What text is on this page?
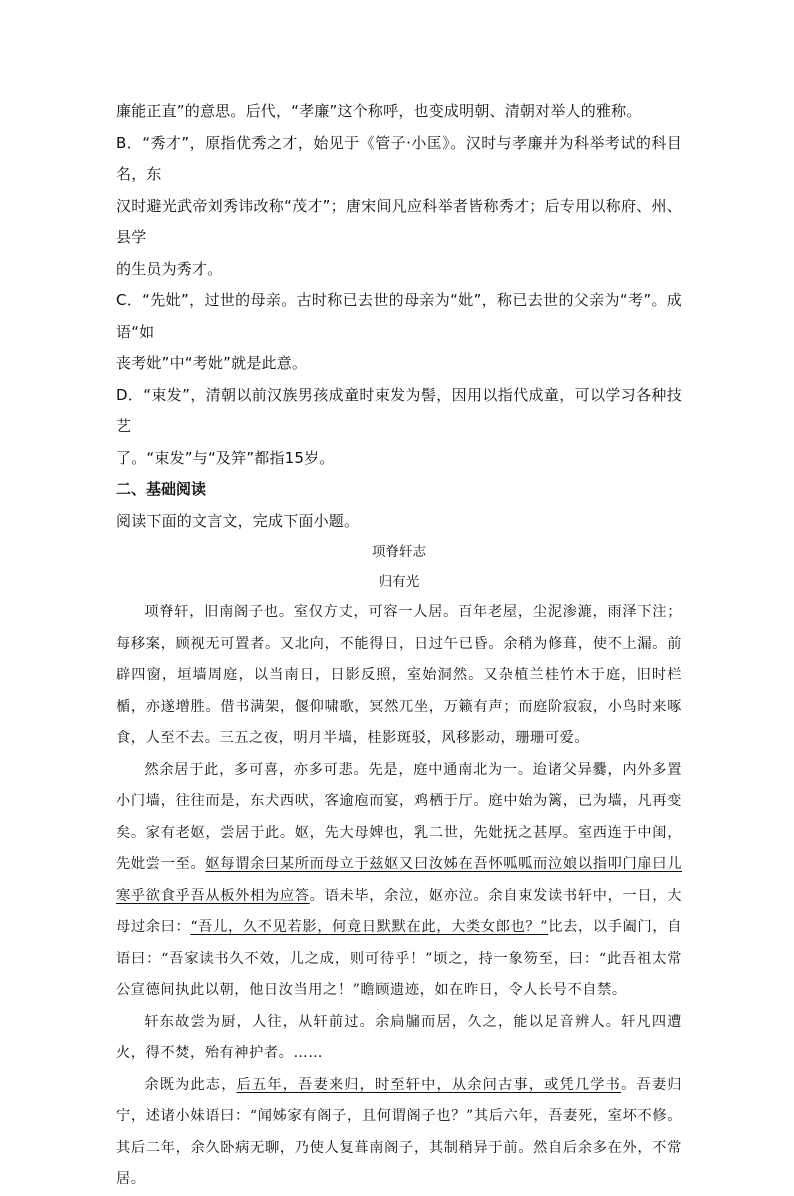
廉能正直”的意思。后代，“孝廉”这个称呼，也变成明朝、清朝对举人的雅称。

B．“秀才”，原指优秀之才，始见于《管子·小匡》。汉时与孝廉并为科举考试的科目名，东

汉时避光武帝刘秀讳改称“茂才”；唐宋间凡应科举者皆称秀才；后专用以称府、州、县学

的生员为秀才。

C．“先妣”，过世的母亲。古时称已去世的母亲为“妣”，称已去世的父亲为“考”。成语“如

丧考妣”中“考妣”就是此意。

D．“束发”，清朝以前汉族男孩成童时束发为髻，因用以指代成童，可以学习各种技艺

了。“束发”与“及笄”都指15岁。

二、基础阅读

阅读下面的文言文，完成下面小题。

项脊轩志

归有光

项脊轩，旧南阁子也。室仅方丈，可容一人居。百年老屋，尘泥渗漉，雨泽下注；每移案，顾视无可置者。又北向，不能得日，日过午已昏。余稍为修葺，使不上漏。前辟四窗，垣墙周庭，以当南日，日影反照，室始洞然。又杂植兰桂竹木于庭，旧时栏楯，亦遂增胜。借书满架，偃仰啸歌，冥然兀坐，万籁有声；而庭阶寂寂，小鸟时来啄食，人至不去。三五之夜，明月半墙，桂影斑驳，风移影动，珊珊可爱。

然余居于此，多可喜，亦多可悲。先是，庭中通南北为一。迨诸父异爨，内外多置小门墙，往往而是，东犬西吠，客逾庖而宴，鸡栖于厅。庭中始为篱，已为墙，凡再变矣。家有老妪，尝居于此。妪，先大母婢也，乳二世，先妣抚之甚厚。室西连于中闺，先妣尝一至。妪每谓余曰某所而母立于兹妪又曰汝姊在吾怀呱呱而泣娘以指叩门扉曰儿寒乎欲食乎吾从板外相为应答。语未毕，余泣，妪亦泣。余自束发读书轩中，一日，大母过余曰：“吾儿，久不见若影，何竟日默默在此，大类女郎也？”比去，以手阖门，自语曰：“吾家读书久不效，儿之成，则可待乎！”顷之，持一象笏至，曰：“此吾祖太常公宣德间执此以朝，他日汝当用之！”瞻顾遗迹，如在昨日，令人长号不自禁。

轩东故尝为厨，人往，从轩前过。余扃牖而居，久之，能以足音辨人。轩凡四遭火，得不焚，殆有神护者。……

余既为此志，后五年，吾妻来归，时至轩中，从余问古事，或凭几学书。吾妻归宁，述诸小妹语曰：“闻姊家有阁子，且何谓阁子也？”其后六年，吾妻死，室坏不修。其后二年，余久卧病无聊，乃使人复葺南阁子，其制稍异于前。然自后余多在外，不常居。
